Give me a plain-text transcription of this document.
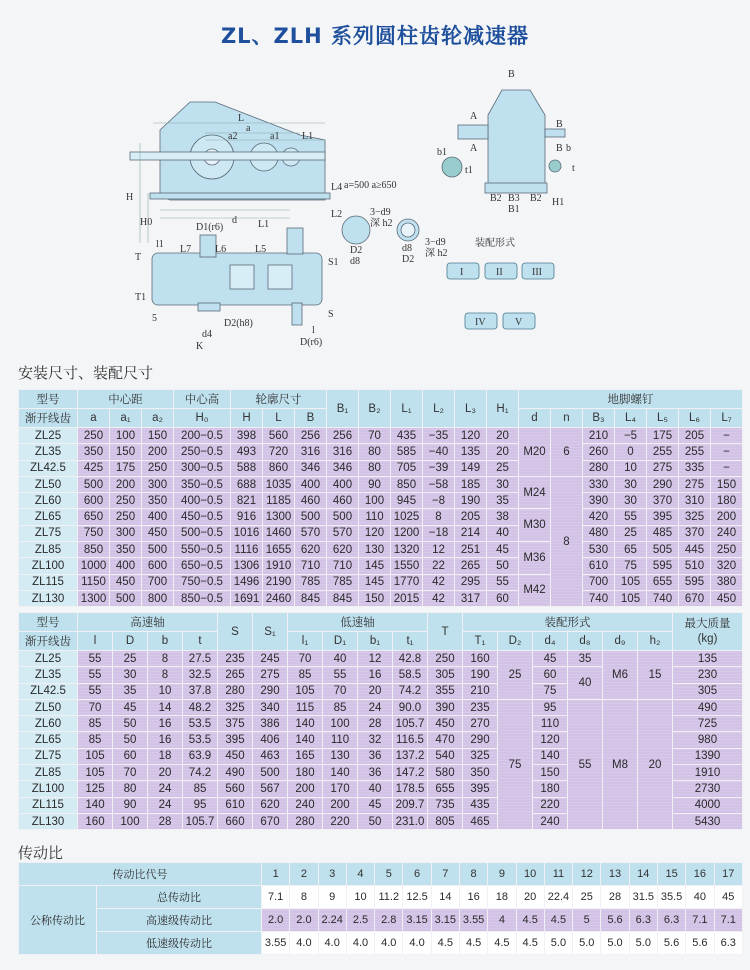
ZL、ZLH 系列圆柱齿轮减速器
B
A
A
B
B b
b1
t1	t
B2 B3 B2
B1
H1
L
a
a2	a1 L1
H
H0	d
L4
L7 L6	L5
L1
L2
D1(r6)
l1
T	S1
T1
S
D2(h8)
d4
K
l
D(r6)
5
a=500 a≥650
3−d9
深 h2
D2
d8
3−d9
深 h2
d8
D2
装配形式
I	II	III
IV	V
安装尺寸、装配尺寸
型号	中心距			中心高	轮廓尺寸			B₁	B₂	L₁	L₂	L₃	H₁	地脚螺钉						
渐开线齿	a	a₁	a₂	H₀	H	L	B							d	n	B₃	L₄	L₅	L₆	L₇
ZL25	250	100	150	200−0.5	398	560	256	256	70	435	−35	120	20	M20	6	210	−5	175	205	−
ZL35	350	150	200	250−0.5	493	720	316	316	80	585	−40	135	20			260	0	255	255	−
ZL42.5	425	175	250	300−0.5	588	860	346	346	80	705	−39	149	25			280	10	275	335	−
ZL50	500	200	300	350−0.5	688	1035	400	400	90	850	−58	185	30	M24	8	330	30	290	275	150
ZL60	600	250	350	400−0.5	821	1185	460	460	100	945	−8	190	35			390	30	370	310	180
ZL65	650	250	400	450−0.5	916	1300	500	500	110	1025	8	205	38	M30		420	55	395	325	200
ZL75	750	300	450	500−0.5	1016	1460	570	570	120	1200	−18	214	40			480	25	485	370	240
ZL85	850	350	500	550−0.5	1116	1655	620	620	130	1320	12	251	45	M36		530	65	505	445	250
ZL100	1000	400	600	650−0.5	1306	1910	710	710	145	1550	22	265	50			610	75	595	510	320
ZL115	1150	450	700	750−0.5	1496	2190	785	785	145	1770	42	295	55	M42		700	105	655	595	380
ZL130	1300	500	800	850−0.5	1691	2460	845	845	150	2015	42	317	60			740	105	740	670	450
型号	高速轴				S	S₁	低速轴				T	装配形式						最大质量
(kg)
渐开线齿	l	D	b	t			l₁	D₁	b₁	t₁		T₁	D₂	d₄	d₈	d₉	h₂	
ZL25	55	25	8	27.5	235	245	70	40	12	42.8	250	160	25	45	35	M6	15	135
ZL35	55	30	8	32.5	265	275	85	55	16	58.5	305	190		60	40			230
ZL42.5	55	35	10	37.8	280	290	105	70	20	74.2	355	210		75				305
ZL50	70	45	14	48.2	325	340	115	85	24	90.0	390	235	75	95	55	M8	20	490
ZL60	85	50	16	53.5	375	386	140	100	28	105.7	450	270		110				725
ZL65	85	50	16	53.5	395	406	140	110	32	116.5	470	290		120				980
ZL75	105	60	18	63.9	450	463	165	130	36	137.2	540	325		140				1390
ZL85	105	70	20	74.2	490	500	180	140	36	147.2	580	350		150				1910
ZL100	125	80	24	85	560	567	200	170	40	178.5	655	395		180				2730
ZL115	140	90	24	95	610	620	240	200	45	209.7	735	435		220				4000
ZL130	160	100	28	105.7	660	670	280	220	50	231.0	805	465		240				5430
传动比
传动比代号		1	2	3	4	5	6	7	8	9	10	11	12	13	14	15	16	17
公称传动比	总传动比	7.1	8	9	10	11.2	12.5	14	16	18	20	22.4	25	28	31.5	35.5	40	45
	高速级传动比	2.0	2.0	2.24	2.5	2.8	3.15	3.15	3.55	4	4.5	4.5	5	5.6	6.3	6.3	7.1	7.1
	低速级传动比	3.55	4.0	4.0	4.0	4.0	4.0	4.5	4.5	4.5	4.5	5.0	5.0	5.0	5.0	5.6	5.6	6.3
